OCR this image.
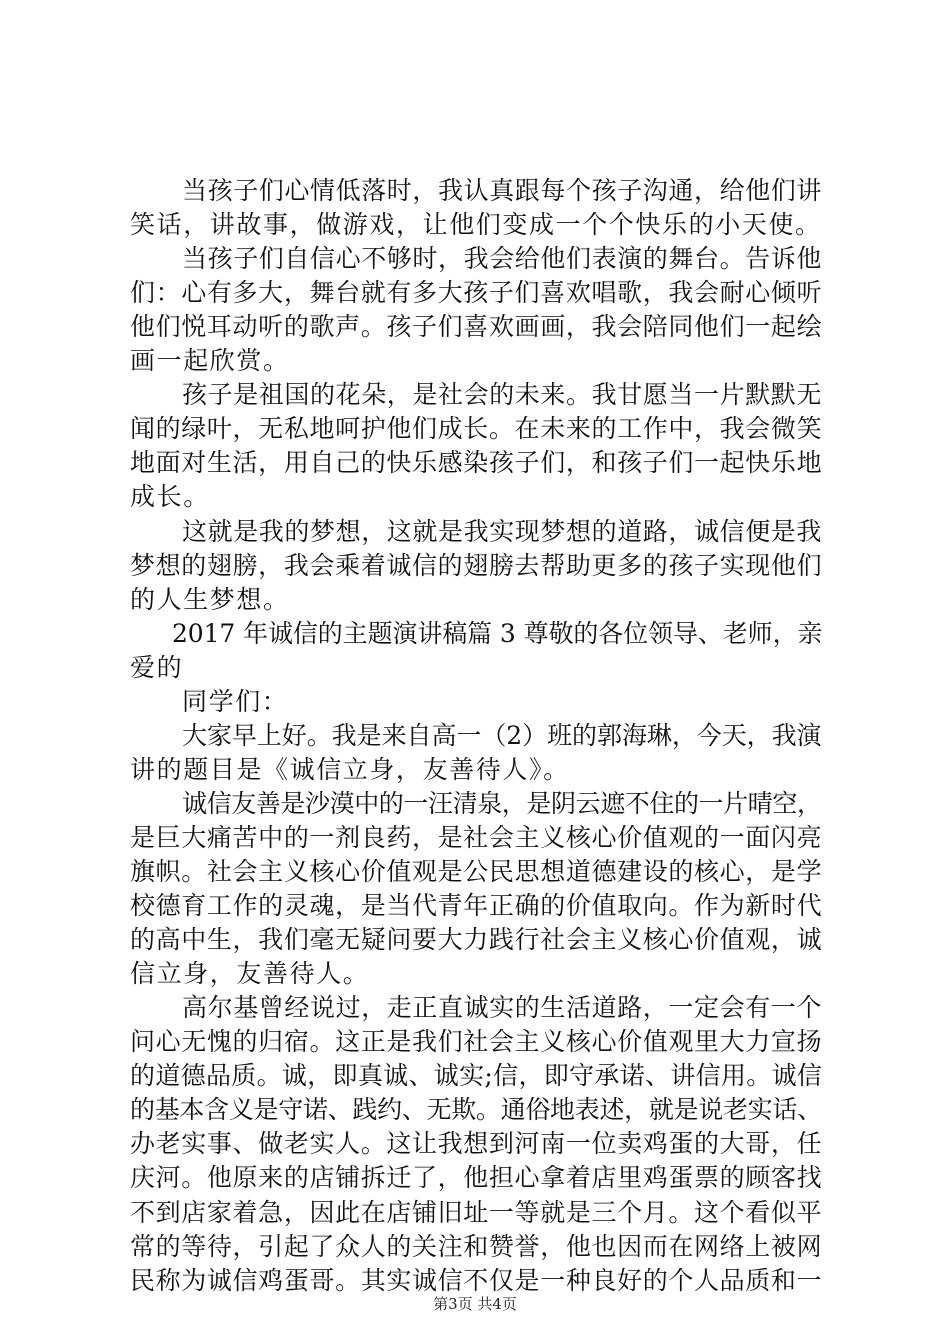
当孩子们心情低落时，我认真跟每个孩子沟通，给他们讲
笑话，讲故事，做游戏，让他们变成一个个快乐的小天使。
当孩子们自信心不够时，我会给他们表演的舞台。告诉他
们：心有多大，舞台就有多大孩子们喜欢唱歌，我会耐心倾听
他们悦耳动听的歌声。孩子们喜欢画画，我会陪同他们一起绘
画一起欣赏。
孩子是祖国的花朵，是社会的未来。我甘愿当一片默默无
闻的绿叶，无私地呵护他们成长。在未来的工作中，我会微笑
地面对生活，用自己的快乐感染孩子们，和孩子们一起快乐地
成长。
这就是我的梦想，这就是我实现梦想的道路，诚信便是我
梦想的翅膀，我会乘着诚信的翅膀去帮助更多的孩子实现他们
的人生梦想。
2017 年诚信的主题演讲稿篇 3 尊敬的各位领导、老师，亲
爱的
同学们：
大家早上好。我是来自高一（2）班的郭海琳，今天，我演
讲的题目是《诚信立身，友善待人》。
诚信友善是沙漠中的一汪清泉，是阴云遮不住的一片晴空，
是巨大痛苦中的一剂良药，是社会主义核心价值观的一面闪亮
旗帜。社会主义核心价值观是公民思想道德建设的核心，是学
校德育工作的灵魂，是当代青年正确的价值取向。作为新时代
的高中生，我们毫无疑问要大力践行社会主义核心价值观，诚
信立身，友善待人。
高尔基曾经说过，走正直诚实的生活道路，一定会有一个
问心无愧的归宿。这正是我们社会主义核心价值观里大力宣扬
的道德品质。诚，即真诚、诚实;信，即守承诺、讲信用。诚信
的基本含义是守诺、践约、无欺。通俗地表述，就是说老实话、
办老实事、做老实人。这让我想到河南一位卖鸡蛋的大哥，任
庆河。他原来的店铺拆迁了，他担心拿着店里鸡蛋票的顾客找
不到店家着急，因此在店铺旧址一等就是三个月。这个看似平
常的等待，引起了众人的关注和赞誉，他也因而在网络上被网
民称为诚信鸡蛋哥。其实诚信不仅是一种良好的个人品质和一
第3页 共4页
